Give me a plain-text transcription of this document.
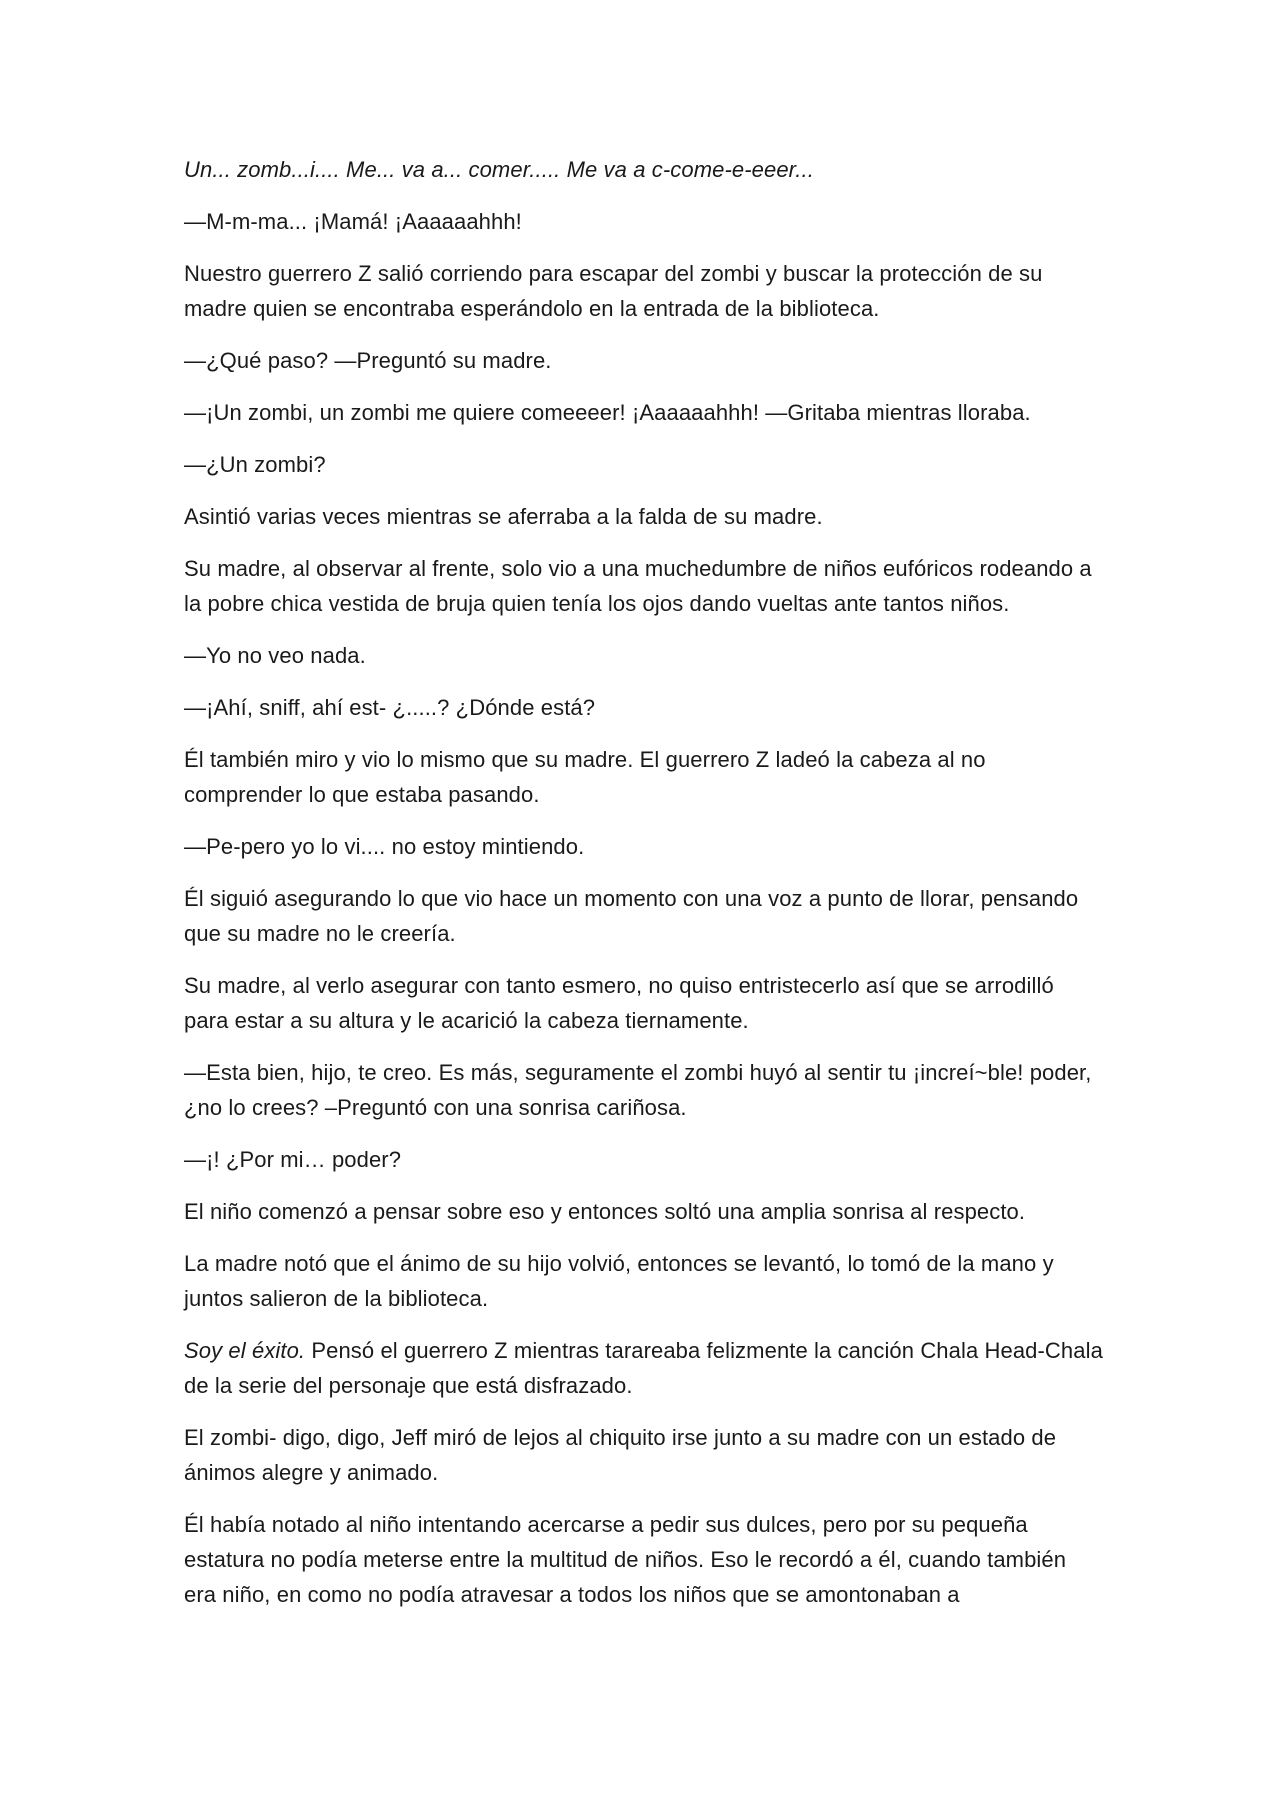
Un... zomb...i.... Me... va a... comer..... Me va a c-come-e-eeer...

—M-m-ma... ¡Mamá! ¡Aaaaaahhh!

Nuestro guerrero Z salió corriendo para escapar del zombi y buscar la protección de su madre quien se encontraba esperándolo en la entrada de la biblioteca.

—¿Qué paso? —Preguntó su madre.

—¡Un zombi, un zombi me quiere comeeeer! ¡Aaaaaahhh! —Gritaba mientras lloraba.

—¿Un zombi?

Asintió varias veces mientras se aferraba a la falda de su madre.

Su madre, al observar al frente, solo vio a una muchedumbre de niños eufóricos rodeando a la pobre chica vestida de bruja quien tenía los ojos dando vueltas ante tantos niños.

—Yo no veo nada.

—¡Ahí, sniff, ahí est- ¿.....? ¿Dónde está?

Él también miro y vio lo mismo que su madre. El guerrero Z ladeó la cabeza al no comprender lo que estaba pasando.

—Pe-pero yo lo vi.... no estoy mintiendo.

Él siguió asegurando lo que vio hace un momento con una voz a punto de llorar, pensando que su madre no le creería.

Su madre, al verlo asegurar con tanto esmero, no quiso entristecerlo así que se arrodilló para estar a su altura y le acarició la cabeza tiernamente.

—Esta bien, hijo, te creo. Es más, seguramente el zombi huyó al sentir tu ¡increí~ble! poder, ¿no lo crees? –Preguntó con una sonrisa cariñosa.

—¡! ¿Por mi… poder?

El niño comenzó a pensar sobre eso y entonces soltó una amplia sonrisa al respecto.

La madre notó que el ánimo de su hijo volvió, entonces se levantó, lo tomó de la mano y juntos salieron de la biblioteca.

Soy el éxito. Pensó el guerrero Z mientras tarareaba felizmente la canción Chala Head-Chala de la serie del personaje que está disfrazado.

El zombi- digo, digo, Jeff miró de lejos al chiquito irse junto a su madre con un estado de ánimos alegre y animado.

Él había notado al niño intentando acercarse a pedir sus dulces, pero por su pequeña estatura no podía meterse entre la multitud de niños. Eso le recordó a él, cuando también era niño, en como no podía atravesar a todos los niños que se amontonaban a
